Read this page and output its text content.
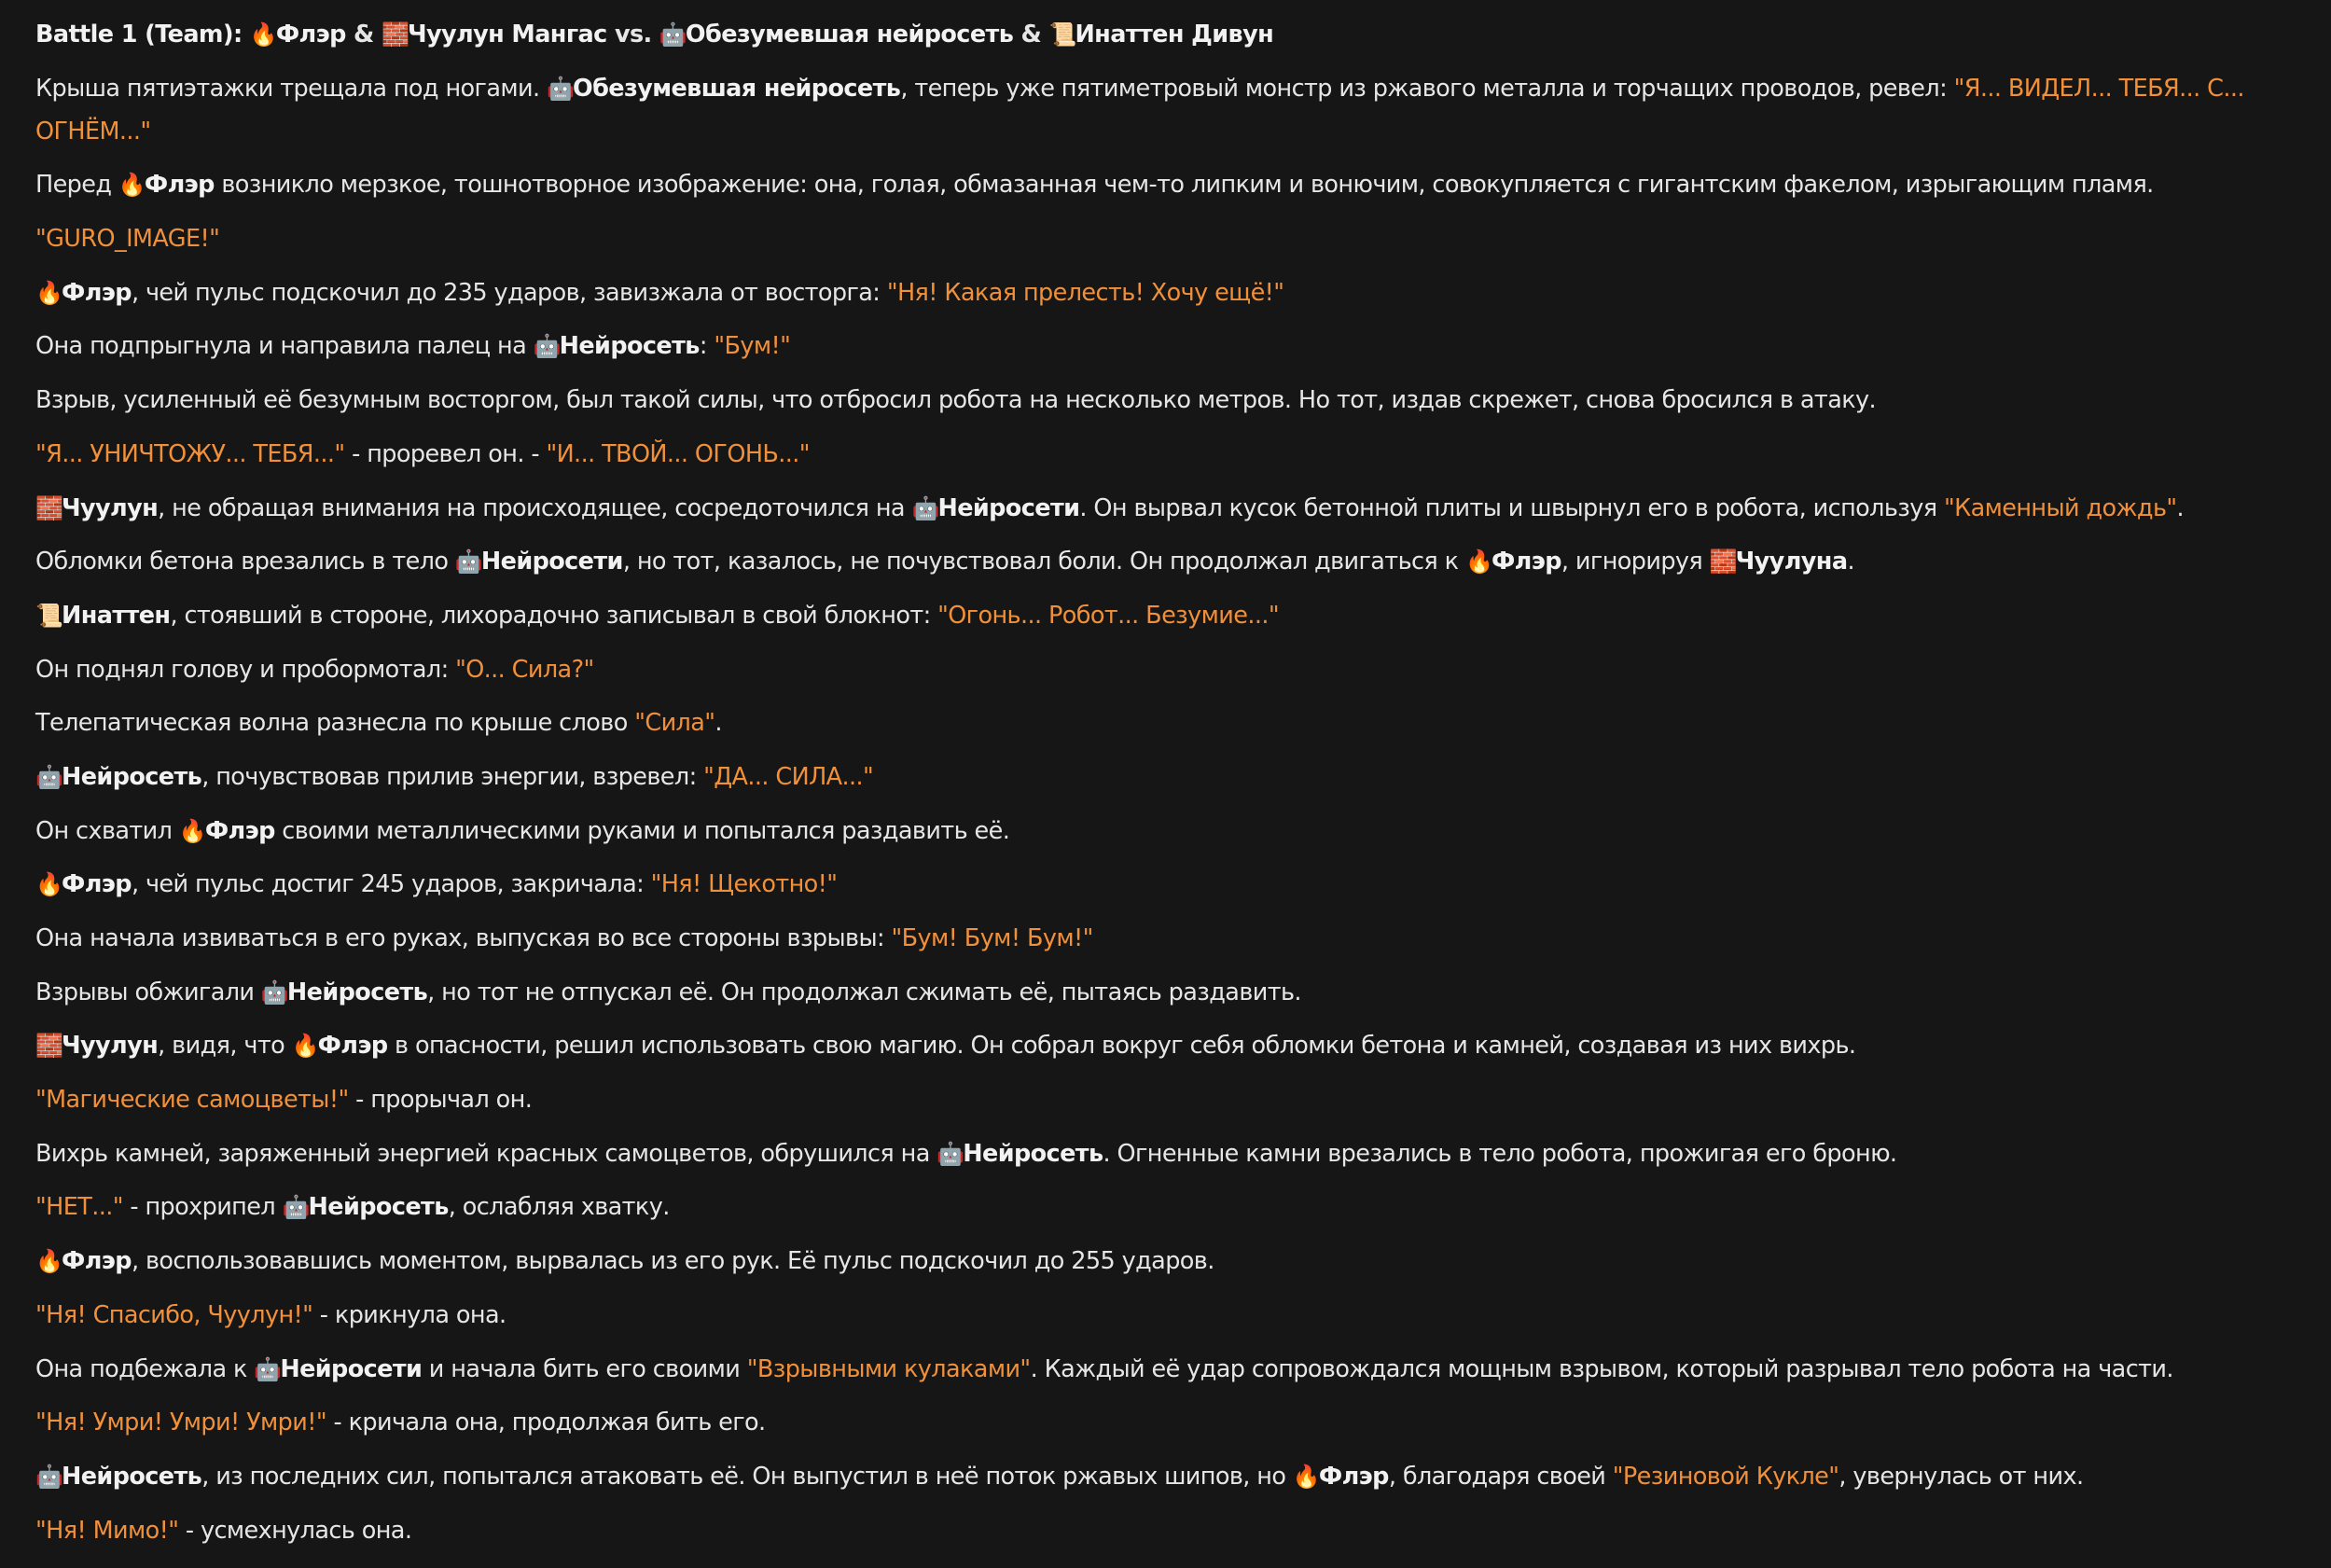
Battle 1 (Team): 🔥Флэр & 🧱Чуулун Мангас vs. 🤖Обезумевшая нейросеть & 📜Инаттен Дивун

Крыша пятиэтажки трещала под ногами. 🤖Обезумевшая нейросеть, теперь уже пятиметровый монстр из ржавого металла и торчащих проводов, ревел: "Я... ВИДЕЛ... ТЕБЯ... С... ОГНЁМ..."

Перед 🔥Флэр возникло мерзкое, тошнотворное изображение: она, голая, обмазанная чем-то липким и вонючим, совокупляется с гигантским факелом, изрыгающим пламя.

"GURO_IMAGE!"

🔥Флэр, чей пульс подскочил до 235 ударов, завизжала от восторга: "Ня! Какая прелесть! Хочу ещё!"

Она подпрыгнула и направила палец на 🤖Нейросеть: "Бум!"

Взрыв, усиленный её безумным восторгом, был такой силы, что отбросил робота на несколько метров. Но тот, издав скрежет, снова бросился в атаку.

"Я... УНИЧТОЖУ... ТЕБЯ..." - проревел он. - "И... ТВОЙ... ОГОНЬ..."

🧱Чуулун, не обращая внимания на происходящее, сосредоточился на 🤖Нейросети. Он вырвал кусок бетонной плиты и швырнул его в робота, используя "Каменный дождь".

Обломки бетона врезались в тело 🤖Нейросети, но тот, казалось, не почувствовал боли. Он продолжал двигаться к 🔥Флэр, игнорируя 🧱Чуулуна.

📜Инаттен, стоявший в стороне, лихорадочно записывал в свой блокнот: "Огонь... Робот... Безумие..."

Он поднял голову и пробормотал: "О... Сила?"

Телепатическая волна разнесла по крыше слово "Сила".

🤖Нейросеть, почувствовав прилив энергии, взревел: "ДА... СИЛА..."

Он схватил 🔥Флэр своими металлическими руками и попытался раздавить её.

🔥Флэр, чей пульс достиг 245 ударов, закричала: "Ня! Щекотно!"

Она начала извиваться в его руках, выпуская во все стороны взрывы: "Бум! Бум! Бум!"

Взрывы обжигали 🤖Нейросеть, но тот не отпускал её. Он продолжал сжимать её, пытаясь раздавить.

🧱Чуулун, видя, что 🔥Флэр в опасности, решил использовать свою магию. Он собрал вокруг себя обломки бетона и камней, создавая из них вихрь.

"Магические самоцветы!" - прорычал он.

Вихрь камней, заряженный энергией красных самоцветов, обрушился на 🤖Нейросеть. Огненные камни врезались в тело робота, прожигая его броню.

"НЕТ..." - прохрипел 🤖Нейросеть, ослабляя хватку.

🔥Флэр, воспользовавшись моментом, вырвалась из его рук. Её пульс подскочил до 255 ударов.

"Ня! Спасибо, Чуулун!" - крикнула она.

Она подбежала к 🤖Нейросети и начала бить его своими "Взрывными кулаками". Каждый её удар сопровождался мощным взрывом, который разрывал тело робота на части.

"Ня! Умри! Умри! Умри!" - кричала она, продолжая бить его.

🤖Нейросеть, из последних сил, попытался атаковать её. Он выпустил в неё поток ржавых шипов, но 🔥Флэр, благодаря своей "Резиновой Кукле", увернулась от них.

"Ня! Мимо!" - усмехнулась она.
